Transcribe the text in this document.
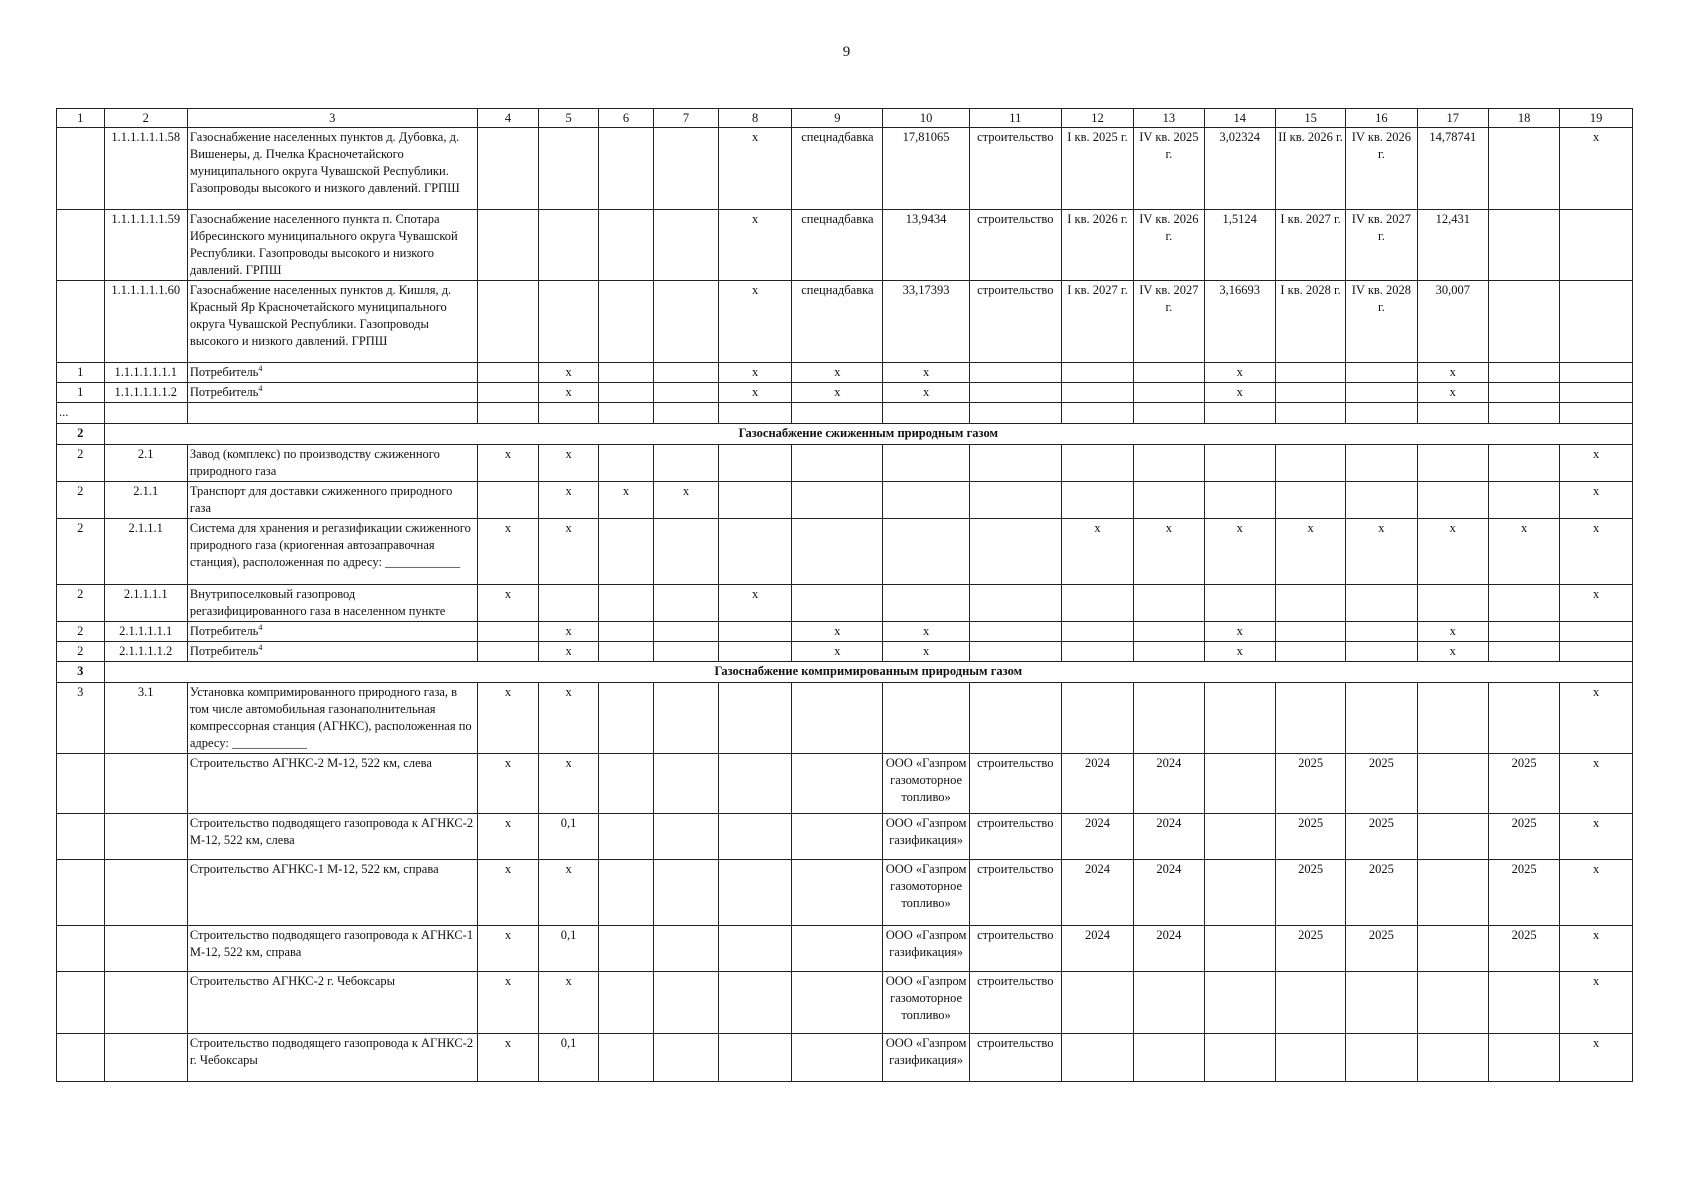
9
1	2	3	4	5	6	7	8	9	10	11	12	13	14	15	16	17	18	19
	1.1.1.1.1.1.58	Газоснабжение населенных пунктов д. Дубовка, д. Вишенеры, д. Пчелка Красночетайского муниципального округа Чувашской Республики. Газопроводы высокого и низкого давлений. ГРПШ					x	спецнадбавка	17,81065	строительство	I кв. 2025 г.	IV кв. 2025 г.	3,02324	II кв. 2026 г.	IV кв. 2026 г.	14,78741		x
	1.1.1.1.1.1.59	Газоснабжение населенного пункта п. Спотара Ибресинского муниципального округа Чувашской Республики. Газопроводы высокого и низкого давлений. ГРПШ					x	спецнадбавка	13,9434	строительство	I кв. 2026 г.	IV кв. 2026 г.	1,5124	I кв. 2027 г.	IV кв. 2027 г.	12,431		
	1.1.1.1.1.1.60	Газоснабжение населенных пунктов д. Кишля, д. Красный Яр Красночетайского муниципального округа Чувашской Республики. Газопроводы высокого и низкого давлений. ГРПШ					x	спецнадбавка	33,17393	строительство	I кв. 2027 г.	IV кв. 2027 г.	3,16693	I кв. 2028 г.	IV кв. 2028 г.	30,007		
1	1.1.1.1.1.1.1	Потребитель$^4$		x			x	x	x				x			x		
1	1.1.1.1.1.1.2	Потребитель$^4$		x			x	x	x				x			x		
...																		
2	Газоснабжение сжиженным природным газом																	
2	2.1	Завод (комплекс) по производству сжиженного природного газа	x	x														x
2	2.1.1	Транспорт для доставки сжиженного природного газа		x	x	x												x
2	2.1.1.1	Система для хранения и регазификации сжиженного природного газа (криогенная автозаправочная станция), расположенная по адресу: ____________	x	x							x	x	x	x	x	x	x	x
2	2.1.1.1.1	Внутрипоселковый газопровод регазифицированного газа в населенном пункте	x				x											x
2	2.1.1.1.1.1	Потребитель$^4$		x				x	x				x			x		
2	2.1.1.1.1.2	Потребитель$^4$		x				x	x				x			x		
3	Газоснабжение компримированным природным газом																	
3	3.1	Установка компримированного природного газа, в том числе автомобильная газонаполнительная компрессорная станция (АГНКС), расположенная по адресу: ____________	x	x														x
		Строительство АГНКС-2 М-12, 522 км, слева	x	x					ООО «Газпром газомоторное топливо»	строительство	2024	2024		2025	2025		2025	x
		Строительство подводящего газопровода к АГНКС-2 М-12, 522 км, слева	x	0,1					ООО «Газпром газификация»	строительство	2024	2024		2025	2025		2025	x
		Строительство АГНКС-1 М-12, 522 км, справа	x	x					ООО «Газпром газомоторное топливо»	строительство	2024	2024		2025	2025		2025	x
		Строительство подводящего газопровода к АГНКС-1 М-12, 522 км, справа	x	0,1					ООО «Газпром газификация»	строительство	2024	2024		2025	2025		2025	x
		Строительство АГНКС-2 г. Чебоксары	x	x					ООО «Газпром газомоторное топливо»	строительство								x
		Строительство подводящего газопровода к АГНКС-2 г. Чебоксары	x	0,1					ООО «Газпром газификация»	строительство								x
